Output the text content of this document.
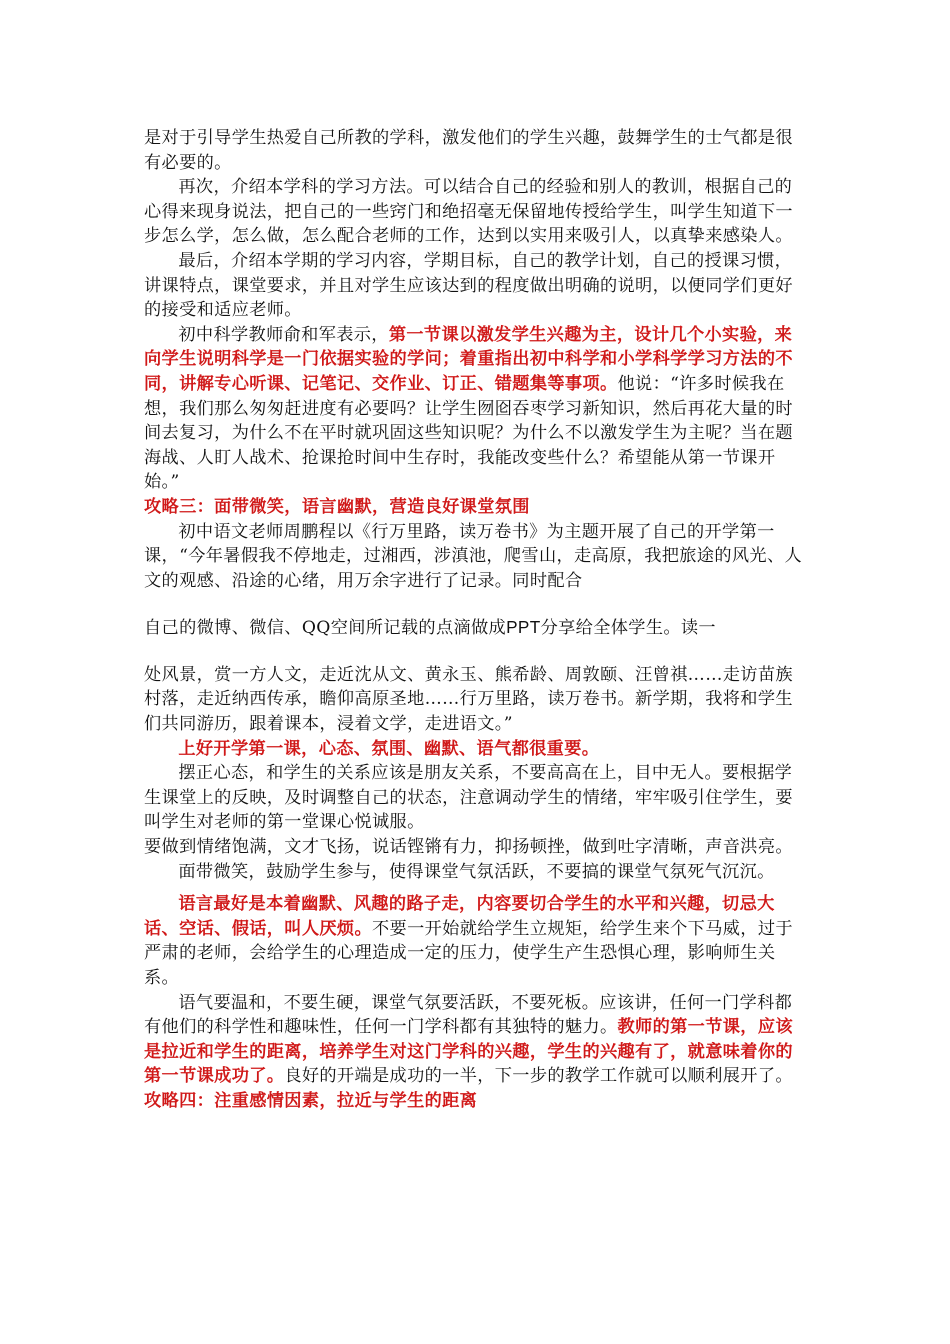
是对于引导学生热爱自己所教的学科，激发他们的学生兴趣，鼓舞学生的士气都是很有必要的。

再次，介绍本学科的学习方法。可以结合自己的经验和别人的教训，根据自己的心得来现身说法，把自己的一些窍门和绝招毫无保留地传授给学生，叫学生知道下一步怎么学，怎么做，怎么配合老师的工作，达到以实用来吸引人，以真挚来感染人。

最后，介绍本学期的学习内容，学期目标，自己的教学计划，自己的授课习惯，讲课特点，课堂要求，并且对学生应该达到的程度做出明确的说明，以便同学们更好的接受和适应老师。

初中科学教师俞和军表示，第一节课以激发学生兴趣为主，设计几个小实验，来向学生说明科学是一门依据实验的学问；着重指出初中科学和小学科学学习方法的不同，讲解专心听课、记笔记、交作业、订正、错题集等事项。他说：“许多时候我在想，我们那么匆匆赶进度有必要吗？让学生囫囵吞枣学习新知识，然后再花大量的时间去复习，为什么不在平时就巩固这些知识呢？为什么不以激发学生为主呢？当在题海战、人盯人战术、抢课抢时间中生存时，我能改变些什么？希望能从第一节课开始。”

攻略三：面带微笑，语言幽默，营造良好课堂氛围

初中语文老师周鹏程以《行万里路，读万卷书》为主题开展了自己的开学第一课，“今年暑假我不停地走，过湘西，涉滇池，爬雪山，走高原，我把旅途的风光、人文的观感、沿途的心绪，用万余字进行了记录。同时配合

自己的微博、微信、QQ空间所记载的点滴做成PPT分享给全体学生。读一

处风景，赏一方人文，走近沈从文、黄永玉、熊希龄、周敦颐、汪曾祺……走访苗族村落，走近纳西传承，瞻仰高原圣地……行万里路，读万卷书。新学期，我将和学生们共同游历，跟着课本，浸着文学，走进语文。”

上好开学第一课，心态、氛围、幽默、语气都很重要。

摆正心态，和学生的关系应该是朋友关系，不要高高在上，目中无人。要根据学生课堂上的反映，及时调整自己的状态，注意调动学生的情绪，牢牢吸引住学生，要叫学生对老师的第一堂课心悦诚服。

要做到情绪饱满，文才飞扬，说话铿锵有力，抑扬顿挫，做到吐字清晰，声音洪亮。

面带微笑，鼓励学生参与，使得课堂气氛活跃，不要搞的课堂气氛死气沉沉。

语言最好是本着幽默、风趣的路子走，内容要切合学生的水平和兴趣，切忌大话、空话、假话，叫人厌烦。不要一开始就给学生立规矩，给学生来个下马威，过于严肃的老师，会给学生的心理造成一定的压力，使学生产生恐惧心理，影响师生关系。

语气要温和，不要生硬，课堂气氛要活跃，不要死板。应该讲，任何一门学科都有他们的科学性和趣味性，任何一门学科都有其独特的魅力。教师的第一节课，应该是拉近和学生的距离，培养学生对这门学科的兴趣，学生的兴趣有了，就意味着你的第一节课成功了。良好的开端是成功的一半，下一步的教学工作就可以顺利展开了。

攻略四：注重感情因素，拉近与学生的距离
